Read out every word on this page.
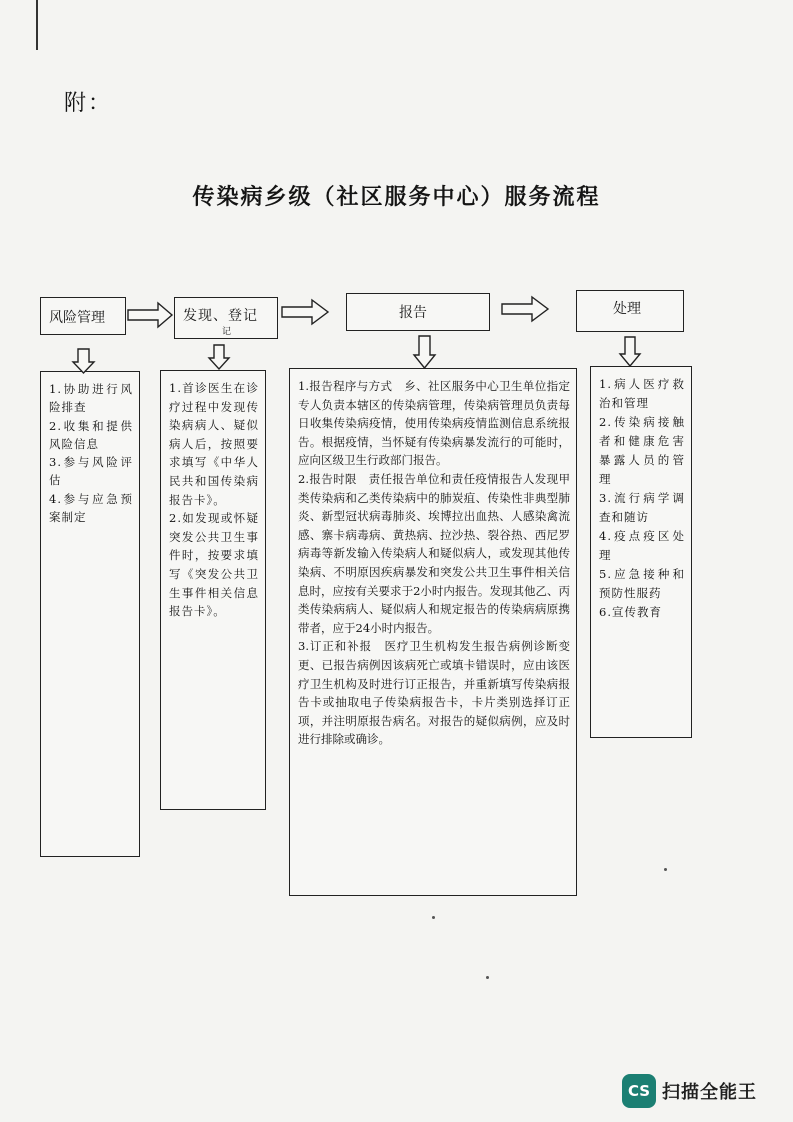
附：
传染病乡级（社区服务中心）服务流程
风险管理	发现、登记
记
报告	处理

1.协助进行风险排查

2.收集和提供风险信息

3.参与风险评估

4.参与应急预案制定

1.首诊医生在诊疗过程中发现传染病病人、疑似病人后，按照要求填写《中华人民共和国传染病报告卡》。

2.如发现或怀疑突发公共卫生事件时，按要求填写《突发公共卫生事件相关信息报告卡》。

1.报告程序与方式　乡、社区服务中心卫生单位指定专人负责本辖区的传染病管理，传染病管理员负责每日收集传染病疫情，使用传染病疫情监测信息系统报告。根据疫情，当怀疑有传染病暴发流行的可能时，应向区级卫生行政部门报告。

2.报告时限　责任报告单位和责任疫情报告人发现甲类传染病和乙类传染病中的肺炭疽、传染性非典型肺炎、新型冠状病毒肺炎、埃博拉出血热、人感染禽流感、寨卡病毒病、黄热病、拉沙热、裂谷热、西尼罗病毒等新发输入传染病人和疑似病人，或发现其他传染病、不明原因疾病暴发和突发公共卫生事件相关信息时，应按有关要求于2小时内报告。发现其他乙、丙类传染病病人、疑似病人和规定报告的传染病病原携带者，应于24小时内报告。

3.订正和补报　医疗卫生机构发生报告病例诊断变更、已报告病例因该病死亡或填卡错误时，应由该医疗卫生机构及时进行订正报告，并重新填写传染病报告卡或抽取电子传染病报告卡，卡片类别选择订正项，并注明原报告病名。对报告的疑似病例，应及时进行排除或确诊。

1.病人医疗救治和管理

2.传染病接触者和健康危害暴露人员的管理

3.流行病学调查和随访

4.疫点疫区处理

5.应急接种和预防性服药

6.宣传教育

CS 扫描全能王
